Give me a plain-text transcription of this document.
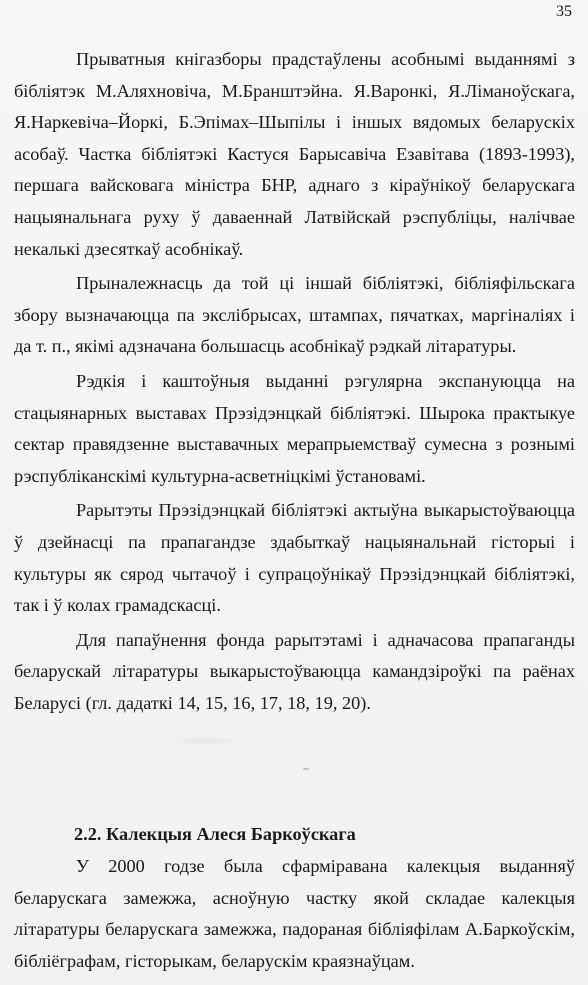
35

Прыватныя кнігазборы прадстаўлены асобнымі выданнямі з бібліятэк М.Аляхновіча, М.Бранштэйна. Я.Варонкі, Я.Ліманоўскага, Я.Наркевіча–Йоркі, Б.Эпімах–Шыпілы і іншых вядомых беларускіх асобаў. Частка бібліятэкі Кастуся Барысавіча Езавітава (1893-1993), першага вайсковага міністра БНР, аднаго з кіраўнікоў беларускага нацыянальнага руху ў даваеннай Латвійскай рэспубліцы, налічвае некалькі дзесяткаў асобнікаў.

Прыналежнасць да той ці іншай бібліятэкі, бібліяфільскага збору вызначаюцца па экслібрысах, штампах, пячатках, маргіналіях і да т. п., якімі адзначана большасць асобнікаў рэдкай літаратуры.

Рэдкія і каштоўныя выданні рэгулярна экспануюцца на стацыянарных выставах Прэзідэнцкай бібліятэкі. Шырока практыкуе сектар правядзенне выставачных мерапрыемстваў сумесна з рознымі рэспубліканскімі культурна-асветніцкімі ўстановамі.

Рарытэты Прэзідэнцкай бібліятэкі актыўна выкарыстоўваюцца ў дзейнасці па прапагандзе здабыткаў нацыянальнай гісторыі і культуры як сярод чытачоў і супрацоўнікаў Прэзідэнцкай бібліятэкі, так і ў колах грамадскасці.

Для папаўнення фонда рарытэтамі і адначасова прапаганды беларускай літаратуры выкарыстоўваюцца камандзіроўкі па раёнах Беларусі (гл. дадаткі 14, 15, 16, 17, 18, 19, 20).

2.2. Калекцыя Алеся Баркоўскага

У 2000 годзе была сфарміравана калекцыя выданняў беларускага замежжа, асноўную частку якой складае калекцыя літаратуры беларускага замежжа, падораная бібліяфілам А.Баркоўскім, бібліёграфам, гісторыкам, беларускім краязнаўцам.
